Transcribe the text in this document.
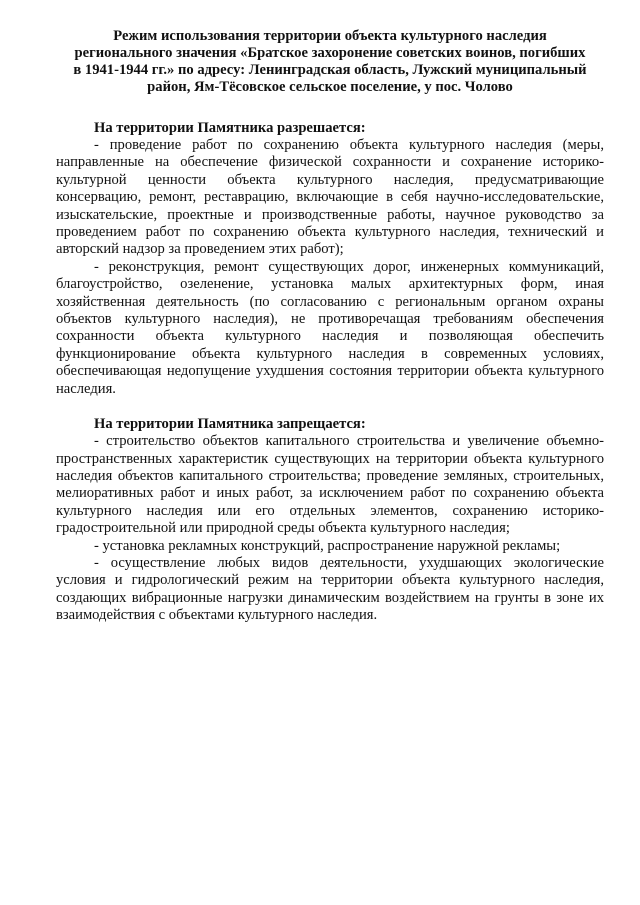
Режим использования территории объекта культурного наследия
регионального значения «Братское захоронение советских воинов, погибших
в 1941-1944 гг.» по адресу: Ленинградская область, Лужский муниципальный
район, Ям-Тёсовское сельское поселение, у пос. Чолово

На территории Памятника разрешается:

- проведение работ по сохранению объекта культурного наследия (меры, направленные на обеспечение физической сохранности и сохранение историко-культурной ценности объекта культурного наследия, предусматривающие консервацию, ремонт, реставрацию, включающие в себя научно-исследовательские, изыскательские, проектные и производственные работы, научное руководство за проведением работ по сохранению объекта культурного наследия, технический и авторский надзор за проведением этих работ);

- реконструкция, ремонт существующих дорог, инженерных коммуникаций, благоустройство, озеленение, установка малых архитектурных форм, иная хозяйственная деятельность (по согласованию с региональным органом охраны объектов культурного наследия), не противоречащая требованиям обеспечения сохранности объекта культурного наследия и позволяющая обеспечить функционирование объекта культурного наследия в современных условиях, обеспечивающая недопущение ухудшения состояния территории объекта культурного наследия.

На территории Памятника запрещается:

- строительство объектов капитального строительства и увеличение объемно-пространственных характеристик существующих на территории объекта культурного наследия объектов капитального строительства; проведение земляных, строительных, мелиоративных работ и иных работ, за исключением работ по сохранению объекта культурного наследия или его отдельных элементов, сохранению историко-градостроительной или природной среды объекта культурного наследия;

- установка рекламных конструкций, распространение наружной рекламы;

- осуществление любых видов деятельности, ухудшающих экологические условия и гидрологический режим на территории объекта культурного наследия, создающих вибрационные нагрузки динамическим воздействием на грунты в зоне их взаимодействия с объектами культурного наследия.
